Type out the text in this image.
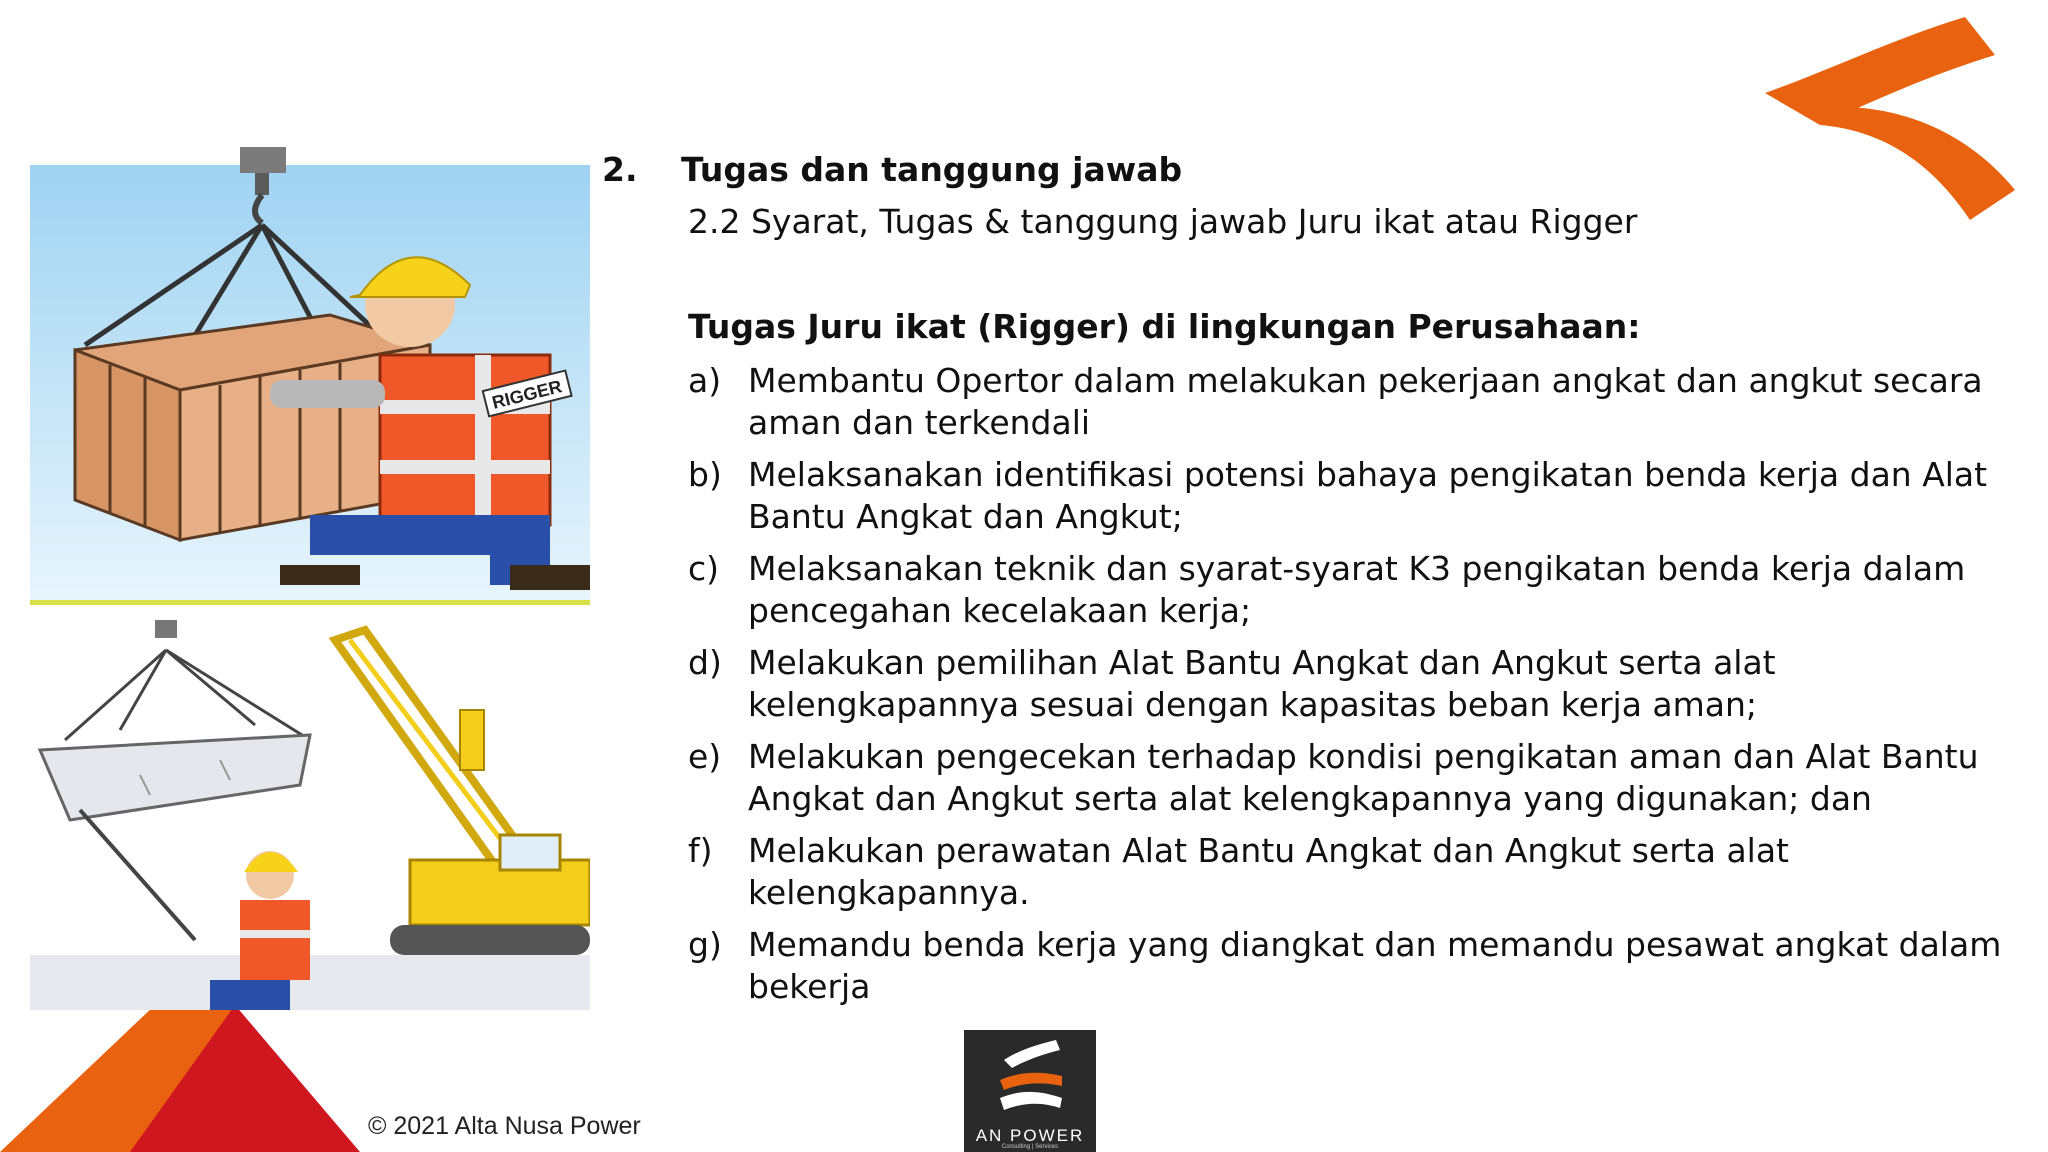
RIGGER
2. Tugas dan tanggung jawab
2.2 Syarat, Tugas & tanggung jawab Juru ikat atau Rigger
Tugas Juru ikat (Rigger) di lingkungan Perusahaan:
a) Membantu Opertor dalam melakukan pekerjaan angkat dan angkut secara aman dan terkendali
b) Melaksanakan identifikasi potensi bahaya pengikatan benda kerja dan Alat Bantu Angkat dan Angkut;
c) Melaksanakan teknik dan syarat-syarat K3 pengikatan benda kerja dalam pencegahan kecelakaan kerja;
d) Melakukan pemilihan Alat Bantu Angkat dan Angkut serta alat kelengkapannya sesuai dengan kapasitas beban kerja aman;
e) Melakukan pengecekan terhadap kondisi pengikatan aman dan Alat Bantu Angkat dan Angkut serta alat kelengkapannya yang digunakan; dan
f)	Melakukan perawatan Alat Bantu Angkat dan Angkut serta alat kelengkapannya.
g) Memandu benda kerja yang diangkat dan memandu pesawat angkat dalam bekerja
© 2021 Alta Nusa Power	AN POWER
Consulting | Services
